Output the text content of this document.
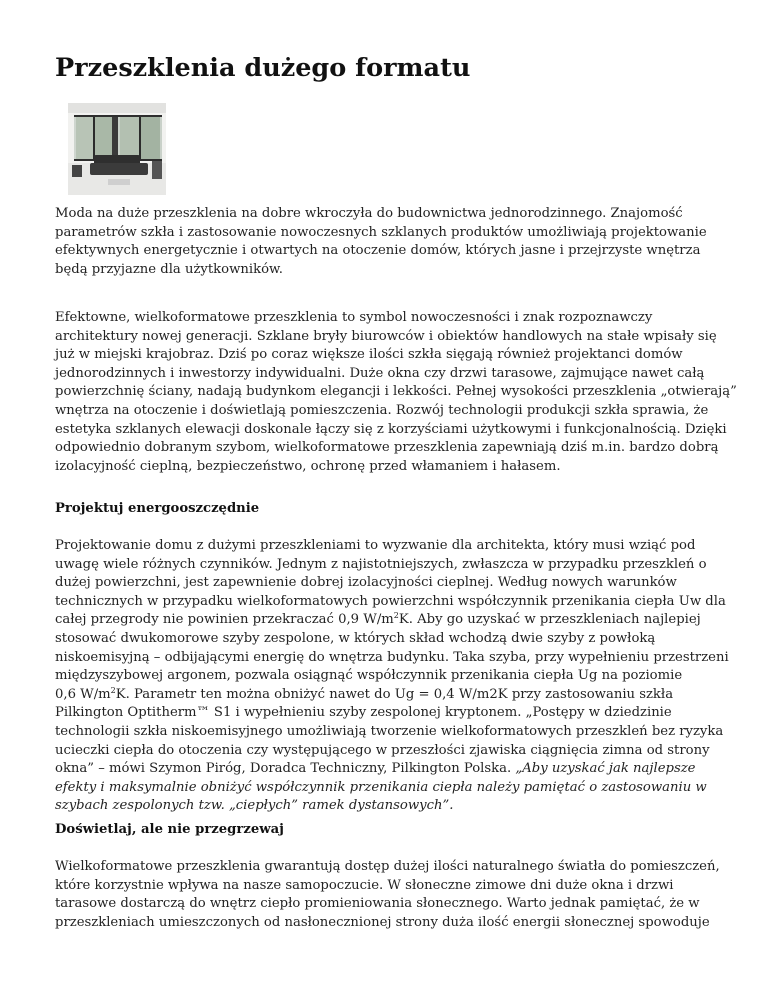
Przeszklenia dużego formatu

Moda na duże przeszklenia na dobre wkroczyła do budownictwa jednorodzinnego. Znajomość
parametrów szkła i zastosowanie nowoczesnych szklanych produktów umożliwiają projektowanie
efektywnych energetycznie i otwartych na otoczenie domów, których jasne i przejrzyste wnętrza
będą przyjazne dla użytkowników.

Efektowne, wielkoformatowe przeszklenia to symbol nowoczesności i znak rozpoznawczy
architektury nowej generacji. Szklane bryły biurowców i obiektów handlowych na stałe wpisały się
już w miejski krajobraz. Dziś po coraz większe ilości szkła sięgają również projektanci domów
jednorodzinnych i inwestorzy indywidualni. Duże okna czy drzwi tarasowe, zajmujące nawet całą
powierzchnię ściany, nadają budynkom elegancji i lekkości. Pełnej wysokości przeszklenia „otwierają”
wnętrza na otoczenie i doświetlają pomieszczenia. Rozwój technologii produkcji szkła sprawia, że
estetyka szklanych elewacji doskonale łączy się z korzyściami użytkowymi i funkcjonalnością. Dzięki
odpowiednio dobranym szybom, wielkoformatowe przeszklenia zapewniają dziś m.in. bardzo dobrą
izolacyjność cieplną, bezpieczeństwo, ochronę przed włamaniem i hałasem.

Projektuj energooszczędnie

Projektowanie domu z dużymi przeszkleniami to wyzwanie dla architekta, który musi wziąć pod
uwagę wiele różnych czynników. Jednym z najistotniejszych, zwłaszcza w przypadku przeszkleń o
dużej powierzchni, jest zapewnienie dobrej izolacyjności cieplnej. Według nowych warunków
technicznych w przypadku wielkoformatowych powierzchni współczynnik przenikania ciepła Uw dla
całej przegrody nie powinien przekraczać 0,9 $W/m^2K$. Aby go uzyskać w przeszkleniach najlepiej
stosować dwukomorowe szyby zespolone, w których skład wchodzą dwie szyby z powłoką
niskoemisyjną – odbijającymi energię do wnętrza budynku. Taka szyba, przy wypełnieniu przestrzeni
międzyszybowej argonem, pozwala osiągnąć współczynnik przenikania ciepła Ug na poziomie
0,6 $W/m^2K$. Parametr ten można obniżyć nawet do Ug = 0,4 W/m2K przy zastosowaniu szkła
Pilkington Optitherm™ S1 i wypełnieniu szyby zespolonej kryptonem. „Postępy w dziedzinie
technologii szkła niskoemisyjnego umożliwiają tworzenie wielkoformatowych przeszkleń bez ryzyka
ucieczki ciepła do otoczenia czy występującego w przeszłości zjawiska ciągnięcia zimna od strony
okna” – mówi Szymon Piróg, Doradca Techniczny, Pilkington Polska. „Aby uzyskać jak najlepsze
efekty i maksymalnie obniżyć współczynnik przenikania ciepła należy pamiętać o zastosowaniu w
szybach zespolonych tzw. „ciepłych” ramek dystansowych”.

Doświetlaj, ale nie przegrzewaj

Wielkoformatowe przeszklenia gwarantują dostęp dużej ilości naturalnego światła do pomieszczeń,
które korzystnie wpływa na nasze samopoczucie. W słoneczne zimowe dni duże okna i drzwi
tarasowe dostarczą do wnętrz ciepło promieniowania słonecznego. Warto jednak pamiętać, że w
przeszkleniach umieszczonych od nasłonecznionej strony duża ilość energii słonecznej spowoduje
